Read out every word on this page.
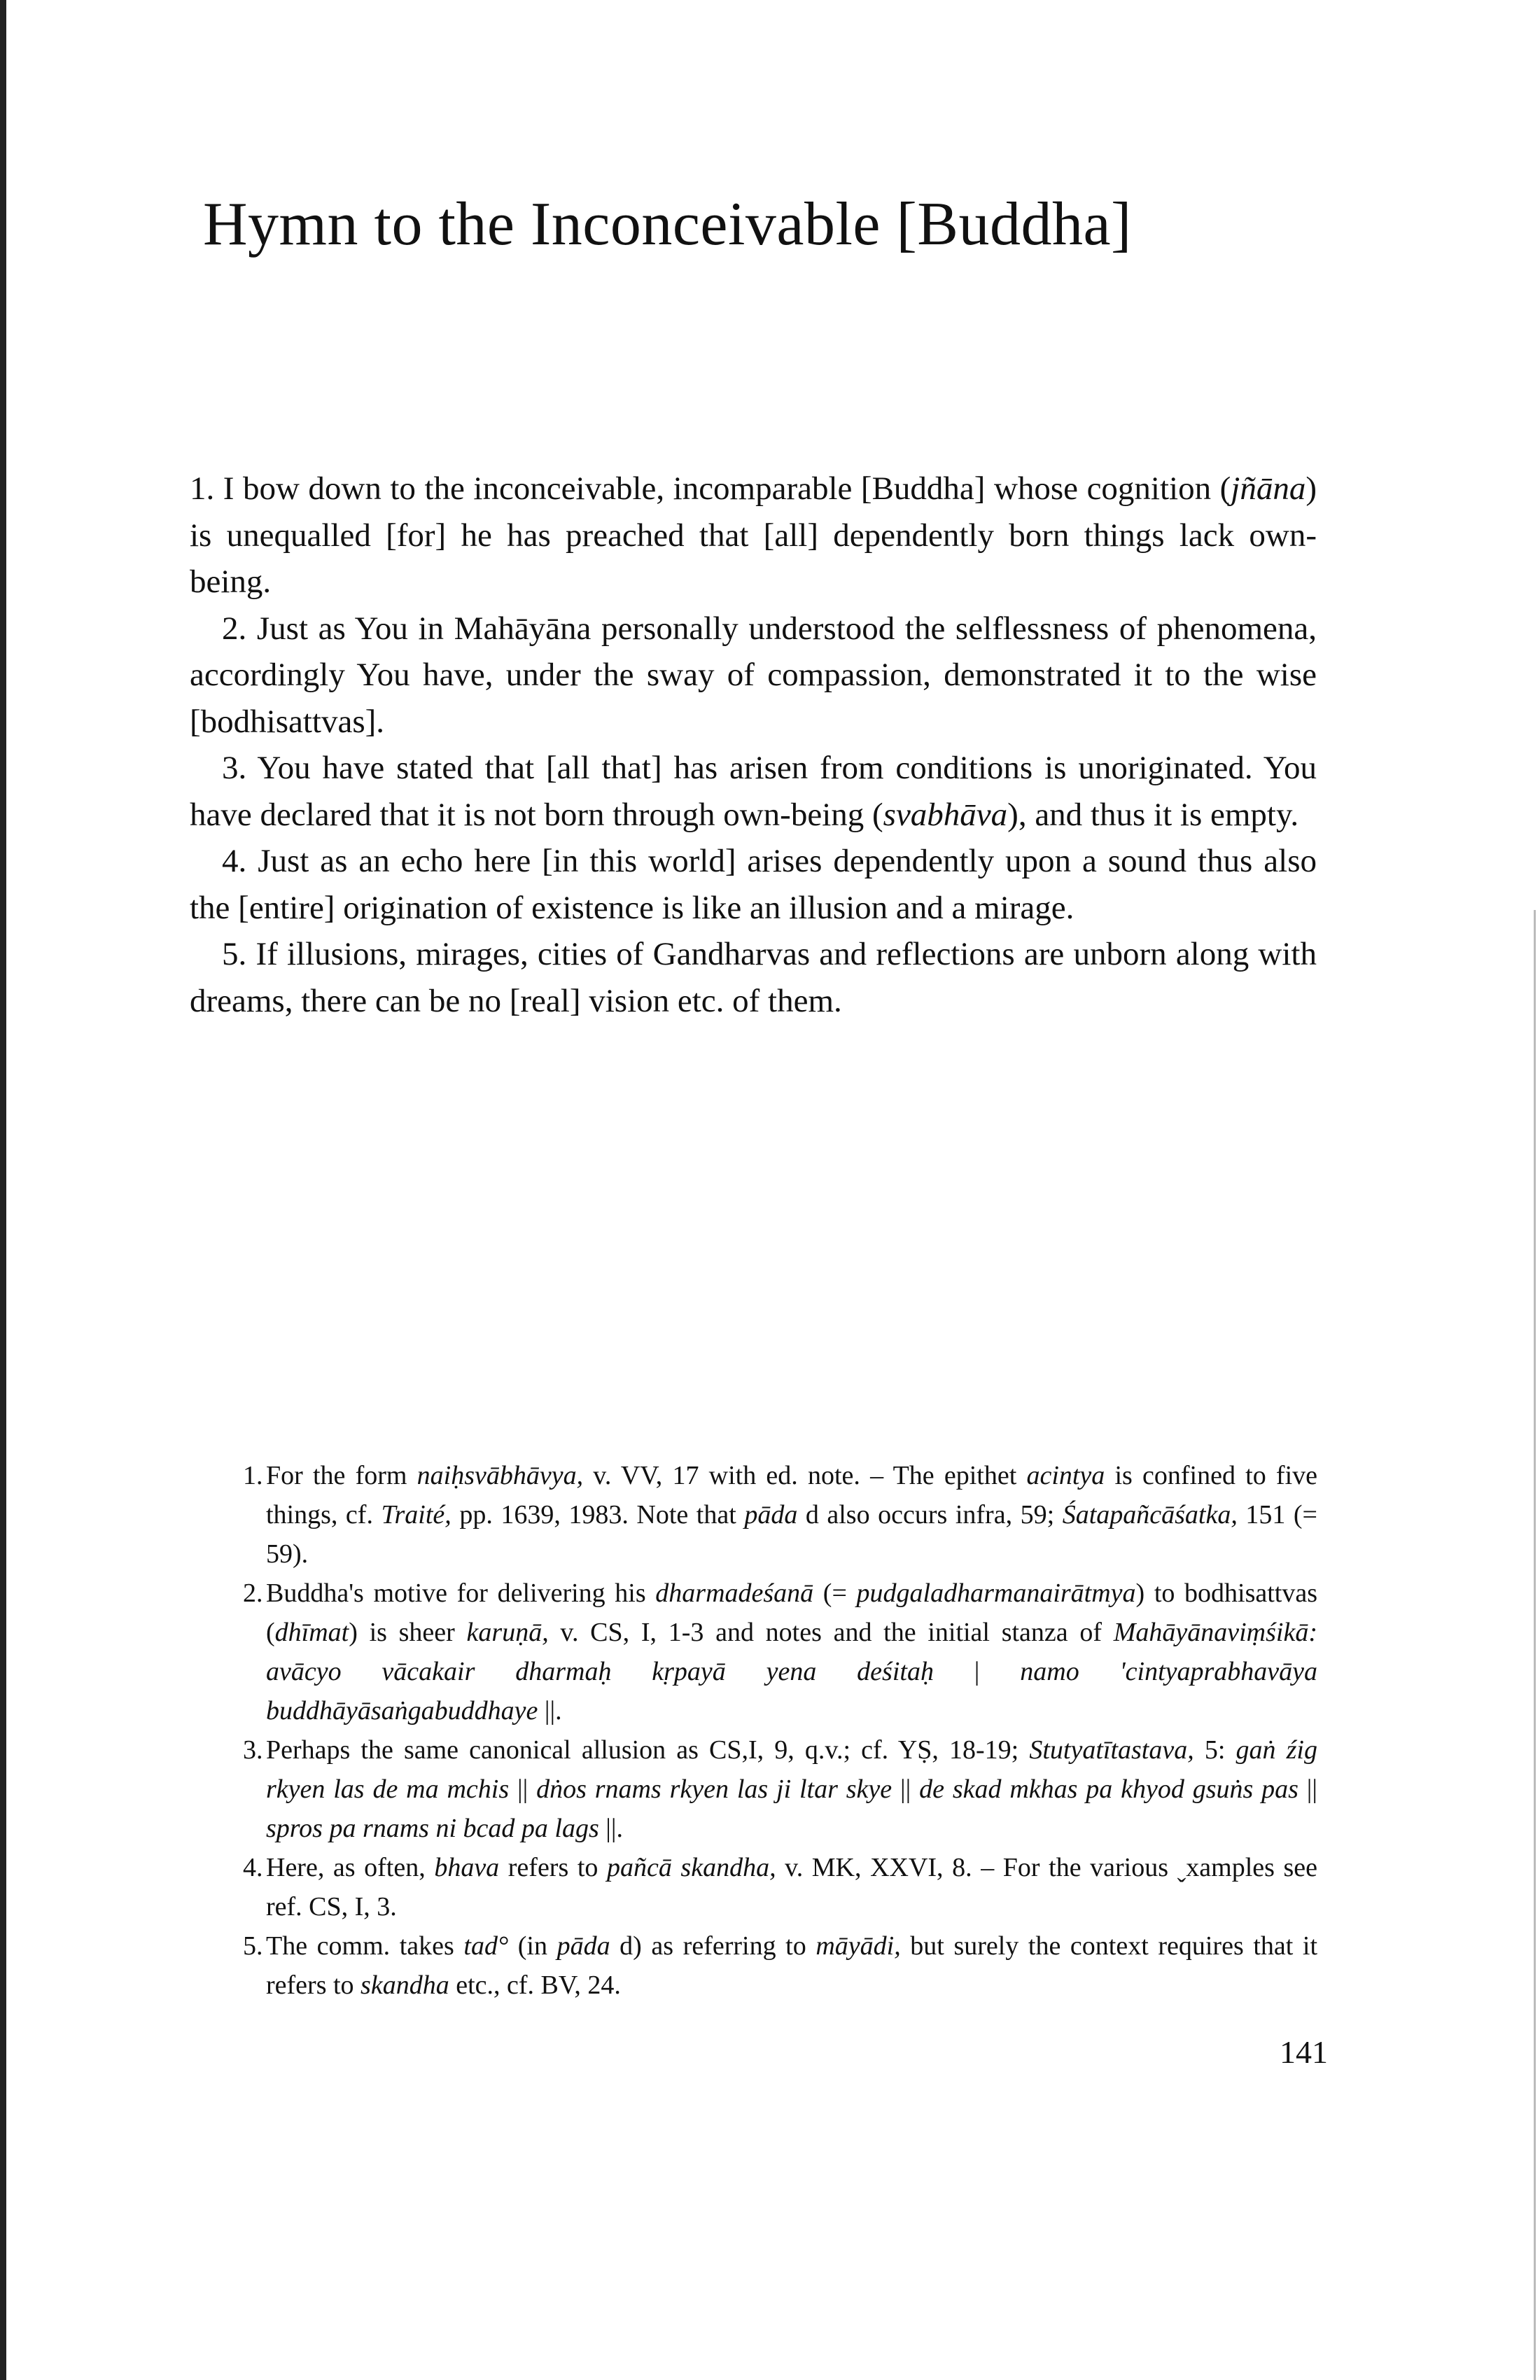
Hymn to the Inconceivable [Buddha]

1. I bow down to the inconceivable, incomparable [Buddha] whose cognition (jñāna) is unequalled [for] he has preached that [all] dependently born things lack own-being.

2. Just as You in Mahāyāna personally understood the selflessness of phenomena, accordingly You have, under the sway of compassion, demonstrated it to the wise [bodhisattvas].

3. You have stated that [all that] has arisen from conditions is unoriginated. You have declared that it is not born through own-being (svabhāva), and thus it is empty.

4. Just as an echo here [in this world] arises dependently upon a sound thus also the [entire] origination of existence is like an illusion and a mirage.

5. If illusions, mirages, cities of Gandharvas and reflections are unborn along with dreams, there can be no [real] vision etc. of them.

1. For the form naiḥsvābhāvya, v. VV, 17 with ed. note. – The epithet acintya is confined to five things, cf. Traité, pp. 1639, 1983. Note that pāda d also occurs infra, 59; Śatapañcāśatka, 151 (= 59).
2. Buddha's motive for delivering his dharmadeśanā (= pudgaladharmanairātmya) to bodhisattvas (dhīmat) is sheer karuṇā, v. CS, I, 1-3 and notes and the initial stanza of Mahāyānaviṃśikā: avācyo vācakair dharmaḥ kṛpayā yena deśitaḥ | namo 'cintyaprabhavāya buddhāyāsaṅgabuddhaye ||.
3. Perhaps the same canonical allusion as CS,I, 9, q.v.; cf. YṢ, 18-19; Stutyatītastava, 5: gaṅ źig rkyen las de ma mchis || dṅos rnams rkyen las ji ltar skye || de skad mkhas pa khyod gsuṅs pas || spros pa rnams ni bcad pa lags ||.
4. Here, as often, bhava refers to pañcā skandha, v. MK, XXVI, 8. – For the various ˬxamples see ref. CS, I, 3.
5. The comm. takes tad° (in pāda d) as referring to māyādi, but surely the context requires that it refers to skandha etc., cf. BV, 24.
141
